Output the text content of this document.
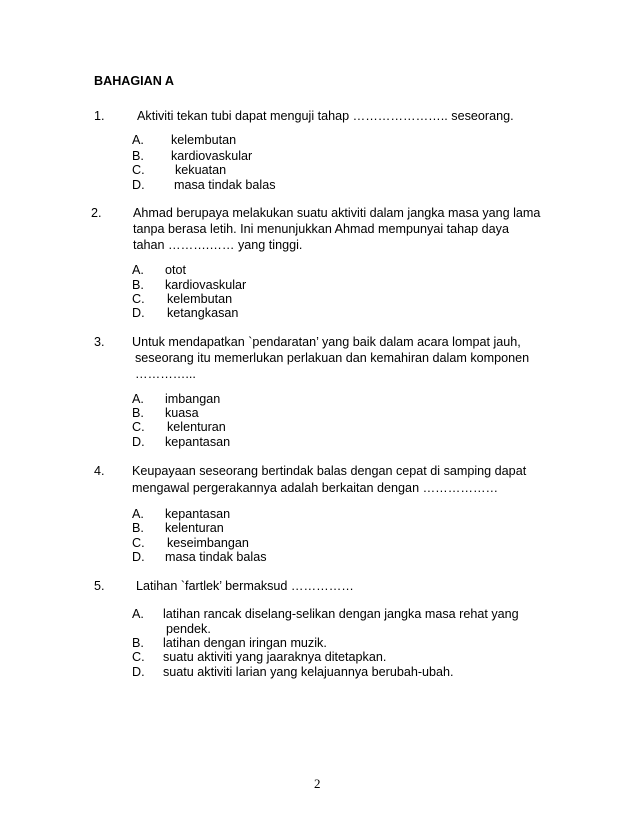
BAHAGIAN A
1.	Aktiviti tekan tubi dapat menguji tahap ………………….. seseorang.
A. kelembutan
B. kardiovaskular
C. kekuatan
D. masa tindak balas
2. Ahmad berupaya melakukan suatu aktiviti dalam jangka masa yang lama
tanpa berasa letih. Ini menunjukkan Ahmad mempunyai tahap daya
tahan ……….…… yang tinggi.
A. otot
B. kardiovaskular
C. kelembutan
D. ketangkasan
3. Untuk mendapatkan `pendaratan’ yang baik dalam acara lompat jauh,
seseorang itu memerlukan perlakuan dan kemahiran dalam komponen
…………...
A. imbangan
B. kuasa
C. kelenturan
D. kepantasan
4. Keupayaan seseorang bertindak balas dengan cepat di samping dapat
mengawal pergerakannya adalah berkaitan dengan ………………
A. kepantasan
B. kelenturan
C. keseimbangan
D. masa tindak balas
5. Latihan `fartlek’ bermaksud ……………
A. latihan rancak diselang-selikan dengan jangka masa rehat yang
pendek.
B. latihan dengan iringan muzik.
C. suatu aktiviti yang jaaraknya ditetapkan.
D. suatu aktiviti larian yang kelajuannya berubah-ubah.
2
